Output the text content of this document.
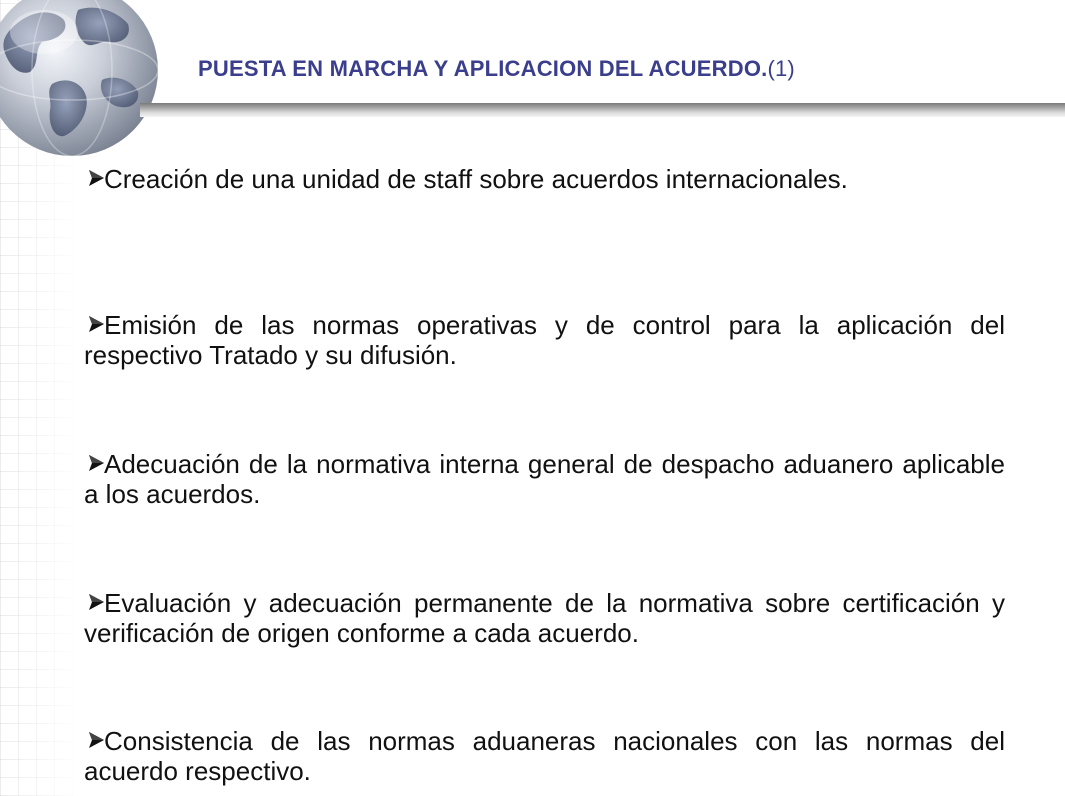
PUESTA EN MARCHA Y APLICACION DEL ACUERDO.(1)
Creación de una unidad de staff sobre acuerdos internacionales.
Emisión de las normas operativas y de control para la aplicación del respectivo Tratado y su difusión.
Adecuación de la normativa interna general de despacho aduanero aplicable a los acuerdos.
Evaluación y adecuación permanente de la normativa sobre certificación y verificación de origen conforme a cada acuerdo.
Consistencia de las normas aduaneras nacionales con las normas del acuerdo respectivo.
